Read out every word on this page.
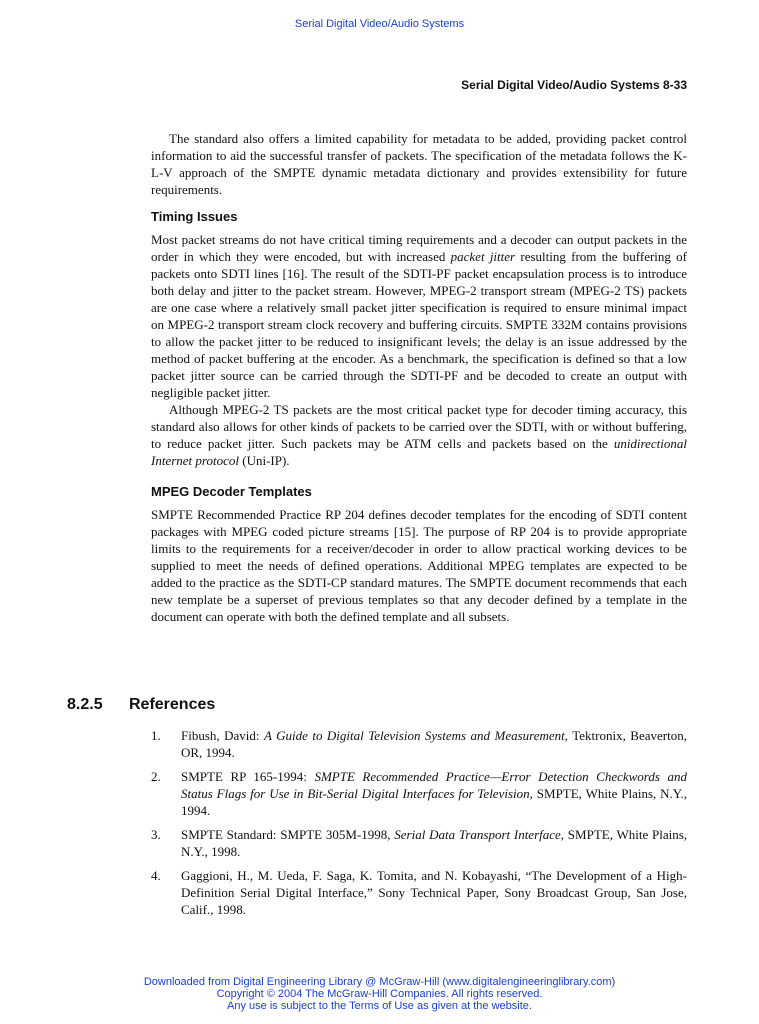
Serial Digital Video/Audio Systems
Serial Digital Video/Audio Systems 8-33

The standard also offers a limited capability for metadata to be added, providing packet control information to aid the successful transfer of packets. The specification of the metadata follows the K-L-V approach of the SMPTE dynamic metadata dictionary and provides extensibility for future requirements.

Timing Issues

Most packet streams do not have critical timing requirements and a decoder can output packets in the order in which they were encoded, but with increased packet jitter resulting from the buffering of packets onto SDTI lines [16]. The result of the SDTI-PF packet encapsulation process is to introduce both delay and jitter to the packet stream. However, MPEG-2 transport stream (MPEG-2 TS) packets are one case where a relatively small packet jitter specification is required to ensure minimal impact on MPEG-2 transport stream clock recovery and buffering circuits. SMPTE 332M contains provisions to allow the packet jitter to be reduced to insignificant levels; the delay is an issue addressed by the method of packet buffering at the encoder. As a benchmark, the specification is defined so that a low packet jitter source can be carried through the SDTI-PF and be decoded to create an output with negligible packet jitter.

Although MPEG-2 TS packets are the most critical packet type for decoder timing accuracy, this standard also allows for other kinds of packets to be carried over the SDTI, with or without buffering, to reduce packet jitter. Such packets may be ATM cells and packets based on the unidirectional Internet protocol (Uni-IP).

MPEG Decoder Templates

SMPTE Recommended Practice RP 204 defines decoder templates for the encoding of SDTI content packages with MPEG coded picture streams [15]. The purpose of RP 204 is to provide appropriate limits to the requirements for a receiver/decoder in order to allow practical working devices to be supplied to meet the needs of defined operations. Additional MPEG templates are expected to be added to the practice as the SDTI-CP standard matures. The SMPTE document recommends that each new template be a superset of previous templates so that any decoder defined by a template in the document can operate with both the defined template and all subsets.

8.2.5 References
1. Fibush, David: A Guide to Digital Television Systems and Measurement, Tektronix, Beaverton, OR, 1994.
2. SMPTE RP 165-1994: SMPTE Recommended Practice—Error Detection Checkwords and Status Flags for Use in Bit-Serial Digital Interfaces for Television, SMPTE, White Plains, N.Y., 1994.
3. SMPTE Standard: SMPTE 305M-1998, Serial Data Transport Interface, SMPTE, White Plains, N.Y., 1998.
4. Gaggioni, H., M. Ueda, F. Saga, K. Tomita, and N. Kobayashi, “The Development of a High-Definition Serial Digital Interface,” Sony Technical Paper, Sony Broadcast Group, San Jose, Calif., 1998.
Downloaded from Digital Engineering Library @ McGraw-Hill (www.digitalengineeringlibrary.com)
Copyright © 2004 The McGraw-Hill Companies. All rights reserved.
Any use is subject to the Terms of Use as given at the website.
